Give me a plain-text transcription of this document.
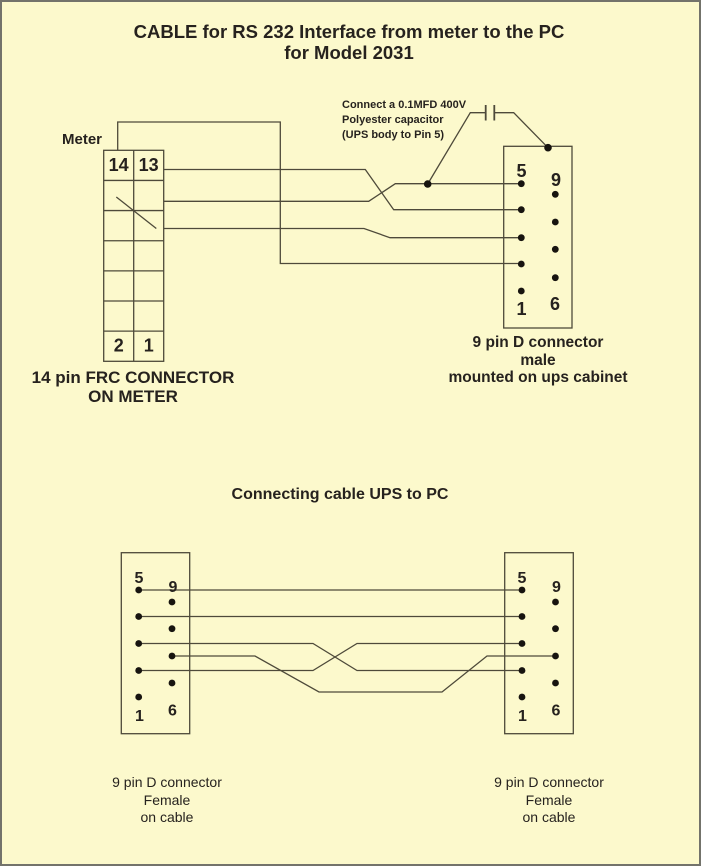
14 13
2 1
5 9
1 6
5
9
1 6
5
9
1 6
CABLE for RS 232 Interface from meter to the PC
for Model 2031
Meter
Connect a 0.1MFD 400V
Polyester capacitor
(UPS body to Pin 5)
14 pin FRC CONNECTOR
ON METER
9 pin D connector
male
mounted on ups cabinet
Connecting cable UPS to PC
9 pin D connector
Female
on cable
9 pin D connector
Female
on cable
